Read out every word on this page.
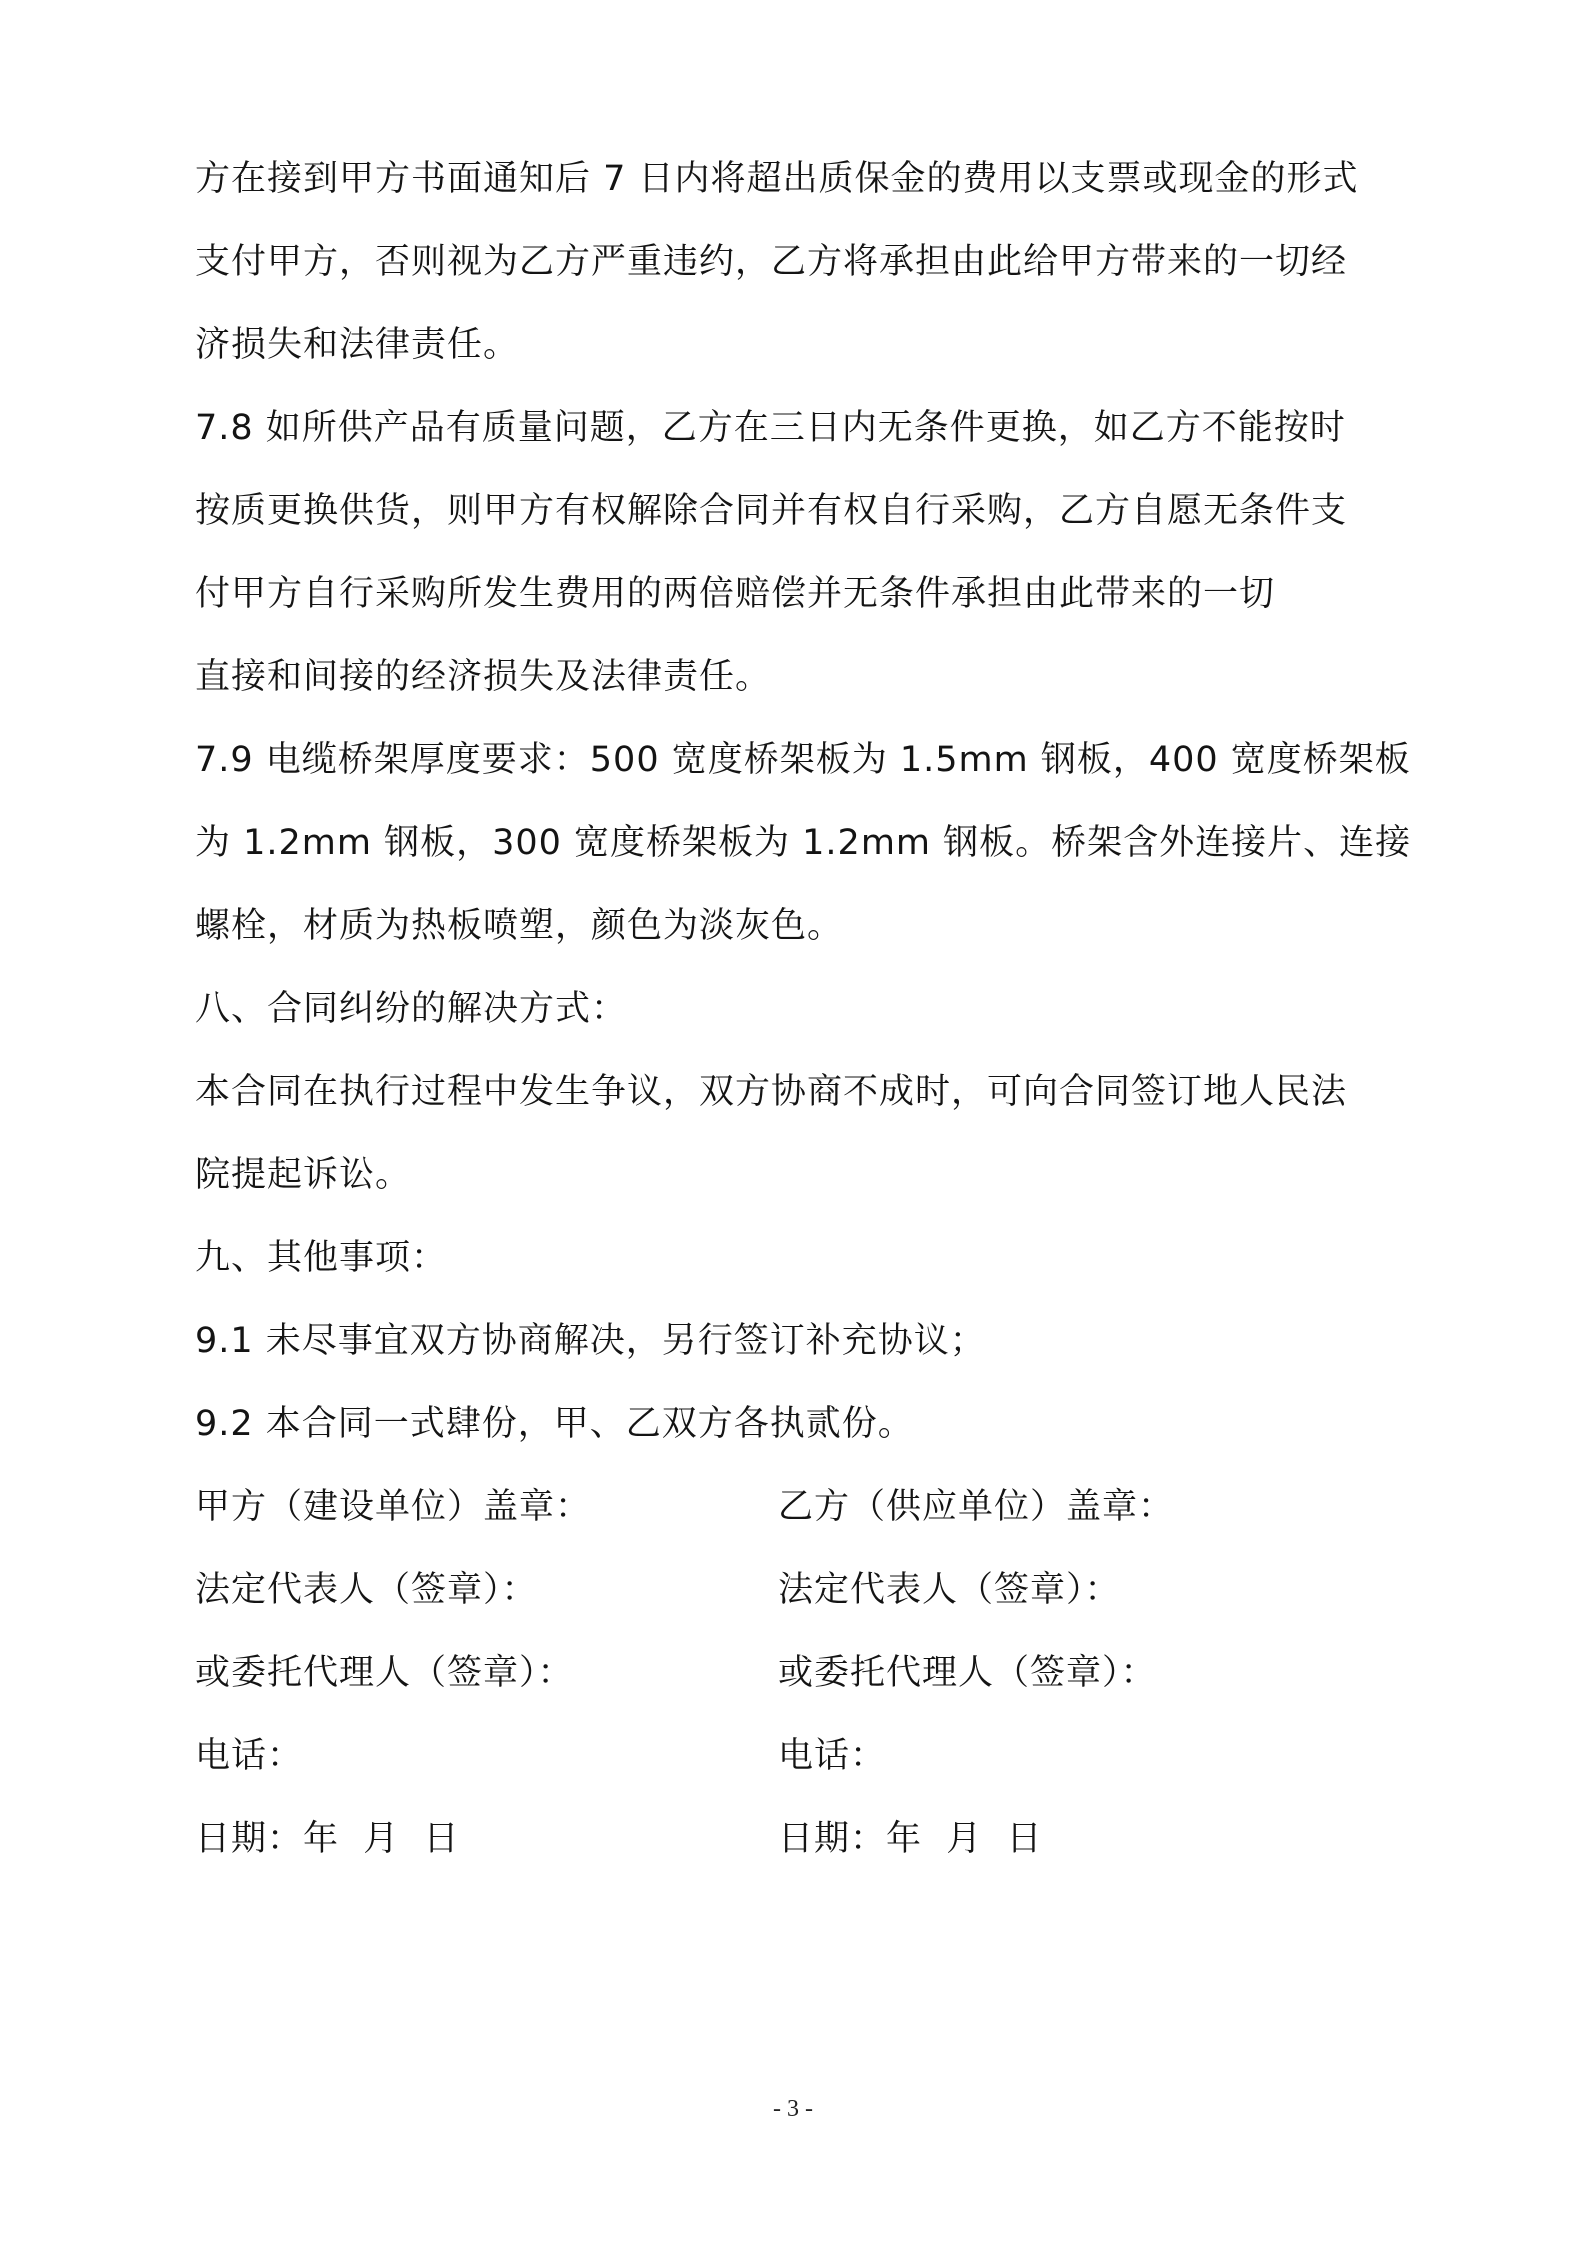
方在接到甲方书面通知后 7 日内将超出质保金的费用以支票或现金的形式
支付甲方，否则视为乙方严重违约，乙方将承担由此给甲方带来的一切经
济损失和法律责任。
7.8 如所供产品有质量问题，乙方在三日内无条件更换，如乙方不能按时
按质更换供货，则甲方有权解除合同并有权自行采购，乙方自愿无条件支
付甲方自行采购所发生费用的两倍赔偿并无条件承担由此带来的一切
直接和间接的经济损失及法律责任。
7.9 电缆桥架厚度要求：500 宽度桥架板为 1.5mm 钢板，400 宽度桥架板
为 1.2mm 钢板，300 宽度桥架板为 1.2mm 钢板。桥架含外连接片、连接
螺栓，材质为热板喷塑，颜色为淡灰色。
八、合同纠纷的解决方式：
本合同在执行过程中发生争议，双方协商不成时，可向合同签订地人民法
院提起诉讼。
九、其他事项：
9.1 未尽事宜双方协商解决，另行签订补充协议；
9.2 本合同一式肆份，甲、乙双方各执贰份。
甲方（建设单位）盖章：	乙方（供应单位）盖章：
法定代表人（签章）：	法定代表人（签章）：
或委托代理人（签章）：	或委托代理人（签章）：
电话：	电话：
日期：年  月  日	日期：年  月  日
- 3 -
